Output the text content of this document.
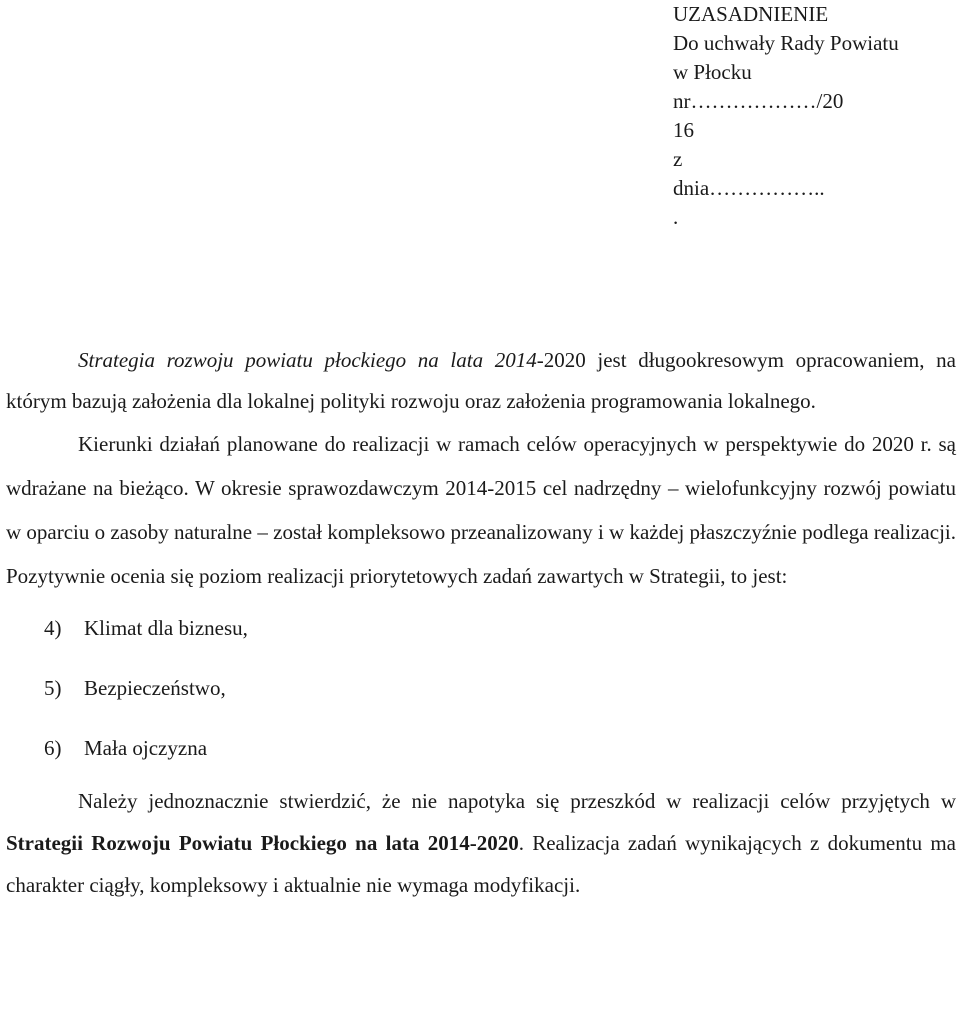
UZASADNIENIE
Do uchwały Rady Powiatu
w Płocku
nr………………/20
16
z
dnia……………..
.

Strategia rozwoju powiatu płockiego na lata 2014-2020 jest długookresowym opracowaniem, na którym bazują założenia dla lokalnej polityki rozwoju oraz założenia programowania lokalnego.

Kierunki działań planowane do realizacji w ramach celów operacyjnych w perspektywie do 2020 r. są wdrażane na bieżąco. W okresie sprawozdawczym 2014-2015 cel nadrzędny – wielofunkcyjny rozwój powiatu w oparciu o zasoby naturalne – został kompleksowo przeanalizowany i w każdej płaszczyźnie podlega realizacji. Pozytywnie ocenia się poziom realizacji priorytetowych zadań zawartych w Strategii, to jest:

4)	Klimat dla biznesu,
5)	Bezpieczeństwo,
6)	Mała ojczyzna

Należy jednoznacznie stwierdzić, że nie napotyka się przeszkód w realizacji celów przyjętych w Strategii Rozwoju Powiatu Płockiego na lata 2014-2020. Realizacja zadań wynikających z dokumentu ma charakter ciągły, kompleksowy i aktualnie nie wymaga modyfikacji.
